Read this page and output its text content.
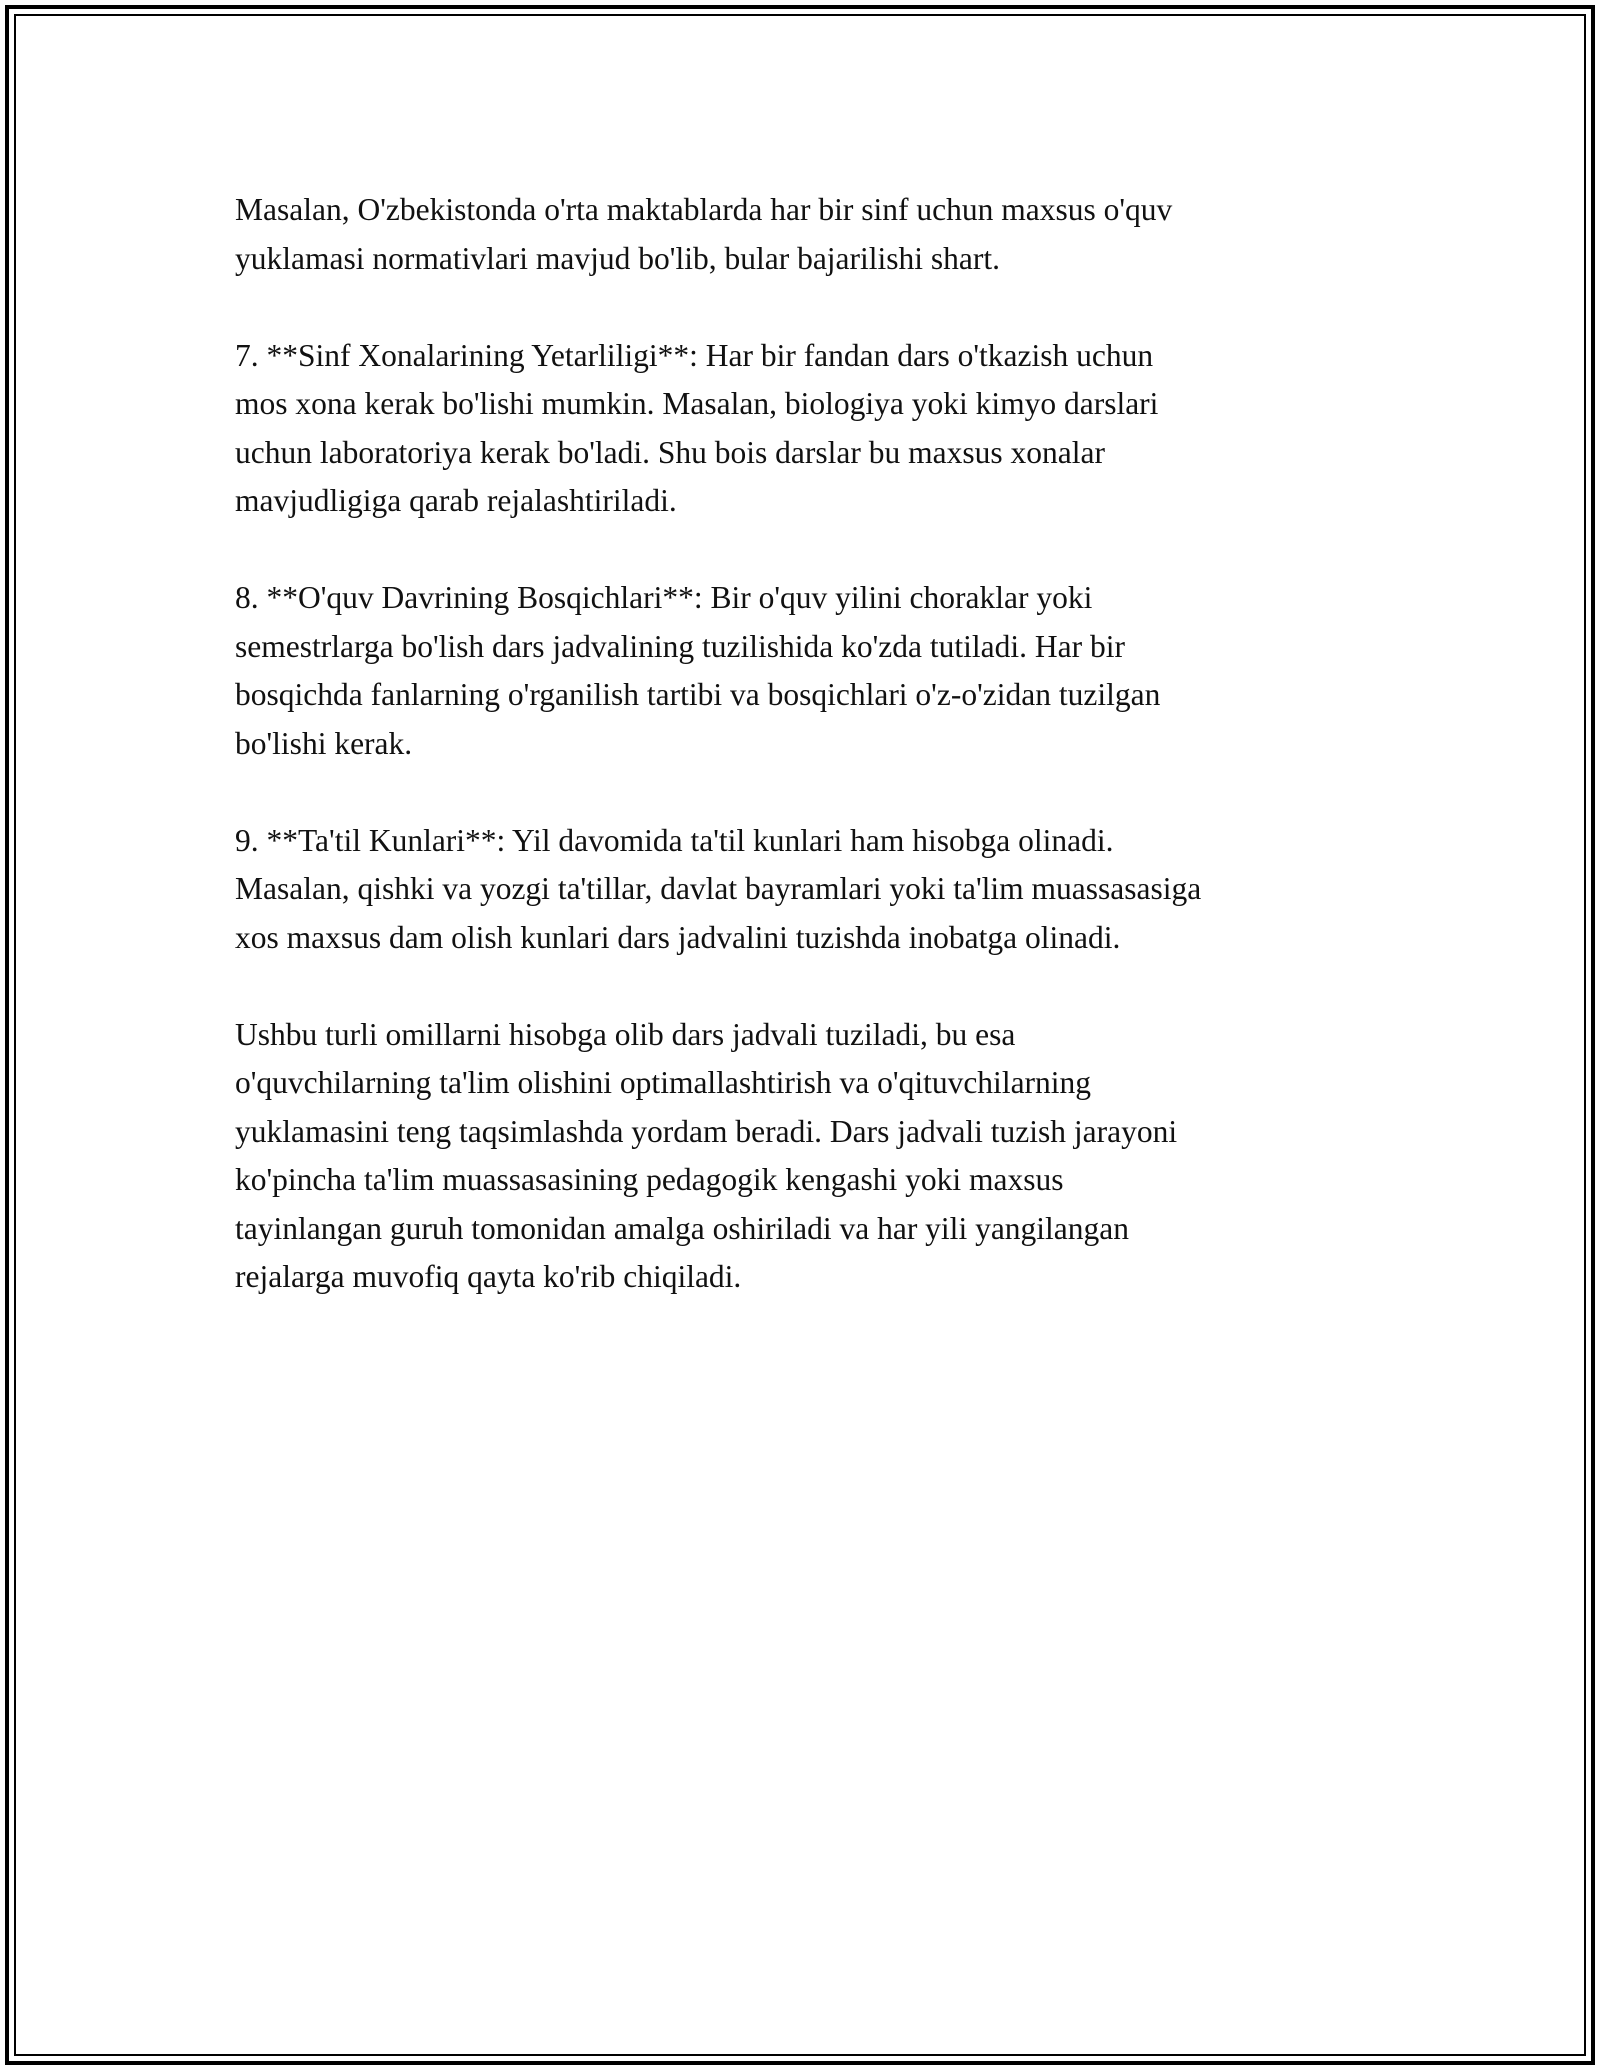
Masalan, O'zbekistonda o'rta maktablarda har bir sinf uchun maxsus o'quv
yuklamasi normativlari mavjud bo'lib, bular bajarilishi shart.

7. **Sinf Xonalarining Yetarliligi**: Har bir fandan dars o'tkazish uchun
mos xona kerak bo'lishi mumkin. Masalan, biologiya yoki kimyo darslari
uchun laboratoriya kerak bo'ladi. Shu bois darslar bu maxsus xonalar
mavjudligiga qarab rejalashtiriladi.

8. **O'quv Davrining Bosqichlari**: Bir o'quv yilini choraklar yoki
semestrlarga bo'lish dars jadvalining tuzilishida ko'zda tutiladi. Har bir
bosqichda fanlarning o'rganilish tartibi va bosqichlari o'z-o'zidan tuzilgan
bo'lishi kerak.

9. **Ta'til Kunlari**: Yil davomida ta'til kunlari ham hisobga olinadi.
Masalan, qishki va yozgi ta'tillar, davlat bayramlari yoki ta'lim muassasasiga
xos maxsus dam olish kunlari dars jadvalini tuzishda inobatga olinadi.

Ushbu turli omillarni hisobga olib dars jadvali tuziladi, bu esa
o'quvchilarning ta'lim olishini optimallashtirish va o'qituvchilarning
yuklamasini teng taqsimlashda yordam beradi. Dars jadvali tuzish jarayoni
ko'pincha ta'lim muassasasining pedagogik kengashi yoki maxsus
tayinlangan guruh tomonidan amalga oshiriladi va har yili yangilangan
rejalarga muvofiq qayta ko'rib chiqiladi.
